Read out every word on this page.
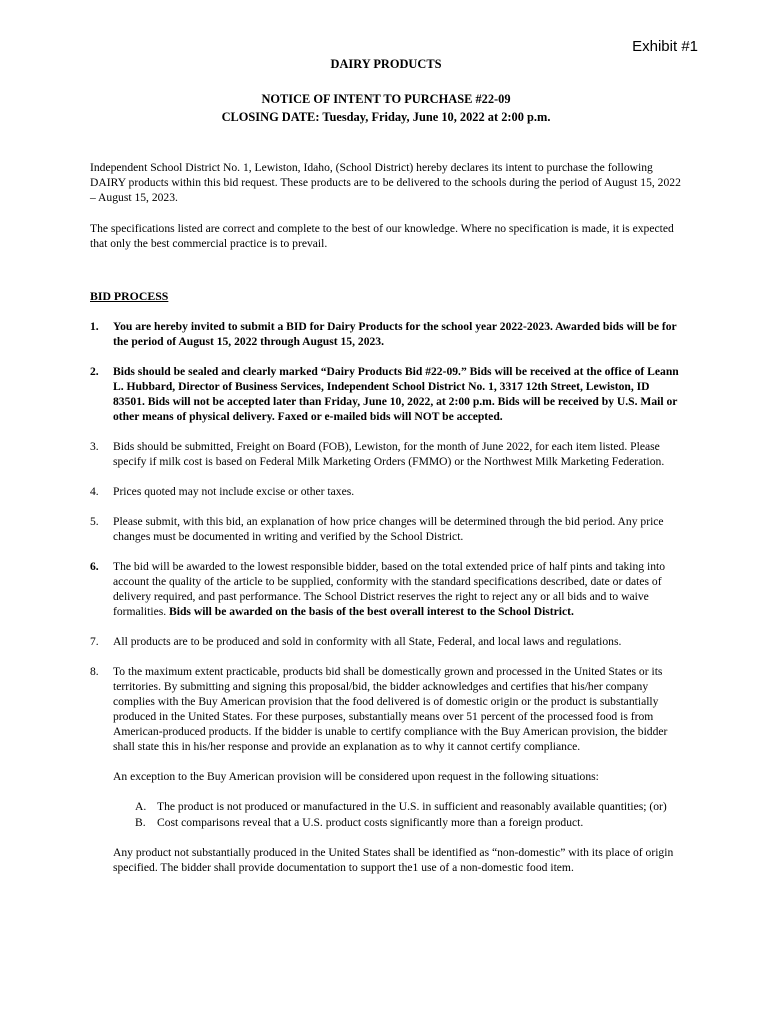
Exhibit #1
DAIRY PRODUCTS
NOTICE OF INTENT TO PURCHASE #22-09
CLOSING DATE: Tuesday, Friday, June 10, 2022 at 2:00 p.m.

Independent School District No. 1, Lewiston, Idaho, (School District) hereby declares its intent to purchase the following DAIRY products within this bid request. These products are to be delivered to the schools during the period of August 15, 2022 – August 15, 2023.

The specifications listed are correct and complete to the best of our knowledge. Where no specification is made, it is expected that only the best commercial practice is to prevail.

BID PROCESS
1. You are hereby invited to submit a BID for Dairy Products for the school year 2022-2023. Awarded bids will be for the period of August 15, 2022 through August 15, 2023.
2. Bids should be sealed and clearly marked “Dairy Products Bid #22-09.” Bids will be received at the office of Leann L. Hubbard, Director of Business Services, Independent School District No. 1, 3317 12th Street, Lewiston, ID 83501. Bids will not be accepted later than Friday, June 10, 2022, at 2:00 p.m. Bids will be received by U.S. Mail or other means of physical delivery. Faxed or e-mailed bids will NOT be accepted.
3. Bids should be submitted, Freight on Board (FOB), Lewiston, for the month of June 2022, for each item listed. Please specify if milk cost is based on Federal Milk Marketing Orders (FMMO) or the Northwest Milk Marketing Federation.
4. Prices quoted may not include excise or other taxes.
5. Please submit, with this bid, an explanation of how price changes will be determined through the bid period. Any price changes must be documented in writing and verified by the School District.
6. The bid will be awarded to the lowest responsible bidder, based on the total extended price of half pints and taking into account the quality of the article to be supplied, conformity with the standard specifications described, date or dates of delivery required, and past performance. The School District reserves the right to reject any or all bids and to waive formalities. Bids will be awarded on the basis of the best overall interest to the School District.
7. All products are to be produced and sold in conformity with all State, Federal, and local laws and regulations.
8. To the maximum extent practicable, products bid shall be domestically grown and processed in the United States or its territories. By submitting and signing this proposal/bid, the bidder acknowledges and certifies that his/her company complies with the Buy American provision that the food delivered is of domestic origin or the product is substantially produced in the United States. For these purposes, substantially means over 51 percent of the processed food is from American-produced products. If the bidder is unable to certify compliance with the Buy American provision, the bidder shall state this in his/her response and provide an explanation as to why it cannot certify compliance.

An exception to the Buy American provision will be considered upon request in the following situations:

A. The product is not produced or manufactured in the U.S. in sufficient and reasonably available quantities; (or)
B. Cost comparisons reveal that a U.S. product costs significantly more than a foreign product.

Any product not substantially produced in the United States shall be identified as “non-domestic” with its place of origin specified. The bidder shall provide documentation to support the1 use of a non-domestic food item.
